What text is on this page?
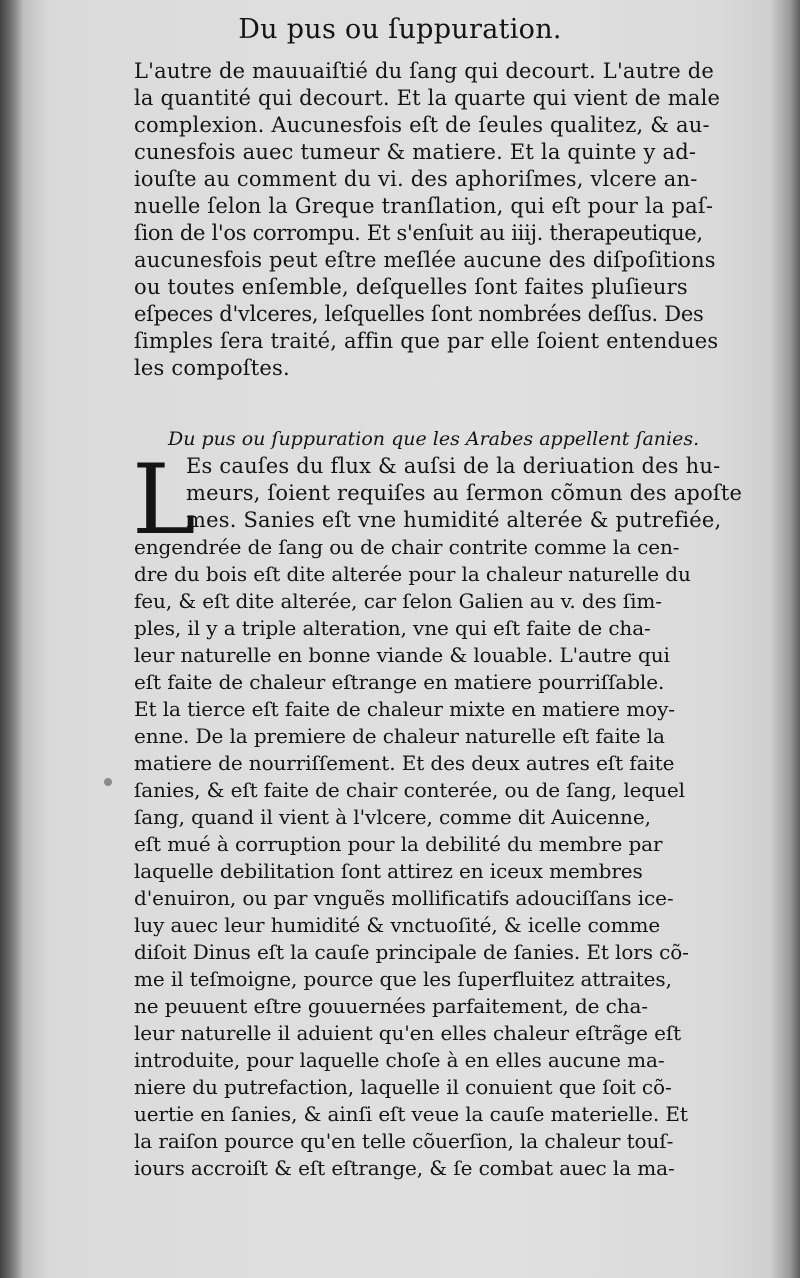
Du pus ou ſuppuration.
L'autre de mauuaiſtié du ſang qui decourt. L'autre de
la quantité qui decourt. Et la quarte qui vient de male
complexion. Aucunesfois eſt de ſeules qualitez, & au-
cunesfois auec tumeur & matiere. Et la quinte y ad-
iouſte au comment du vi. des aphoriſmes, vlcere an-
nuelle ſelon la Greque tranſlation, qui eſt pour la paſ-
ſion de l'os corrompu. Et s'enſuit au iiij. therapeutique,
aucunesfois peut eſtre meſlée aucune des diſpoſitions
ou toutes enſemble, deſquelles ſont faites pluſieurs
eſpeces d'vlceres, leſquelles ſont nombrées deſſus. Des
ſimples ſera traité, affin que par elle ſoient entendues
les compoſtes.
Du pus ou ſuppuration que les Arabes appellent ſanies.
L
Es cauſes du flux & auſsi de la deriuation des hu-
meurs, ſoient requiſes au ſermon cõmun des apoſte
mes. Sanies eſt vne humidité alterée & putrefiée,
engendrée de ſang ou de chair contrite comme la cen-
dre du bois eſt dite alterée pour la chaleur naturelle du
feu, & eſt dite alterée, car ſelon Galien au v. des ſim-
ples, il y a triple alteration, vne qui eſt faite de cha-
leur naturelle en bonne viande & louable. L'autre qui
eſt faite de chaleur eſtrange en matiere pourriſſable.
Et la tierce eſt faite de chaleur mixte en matiere moy-
enne. De la premiere de chaleur naturelle eſt faite la
matiere de nourriſſement. Et des deux autres eſt faite
ſanies, & eſt faite de chair conterée, ou de ſang, lequel
ſang, quand il vient à l'vlcere, comme dit Auicenne,
eſt mué à corruption pour la debilité du membre par
laquelle debilitation ſont attirez en iceux membres
d'enuiron, ou par vnguẽs mollificatifs adouciſſans ice-
luy auec leur humidité & vnctuoſité, & icelle comme
diſoit Dinus eſt la cauſe principale de ſanies. Et lors cõ-
me il teſmoigne, pource que les ſuperfluitez attraites,
ne peuuent eſtre gouuernées parfaitement, de cha-
leur naturelle il aduient qu'en elles chaleur eſtrãge eſt
introduite, pour laquelle choſe à en elles aucune ma-
niere du putrefaction, laquelle il conuient que ſoit cõ-
uertie en ſanies, & ainſi eſt veue la cauſe materielle. Et
la raiſon pource qu'en telle cõuerſion, la chaleur touſ-
iours accroiſt & eſt eſtrange, & ſe combat auec la ma-
